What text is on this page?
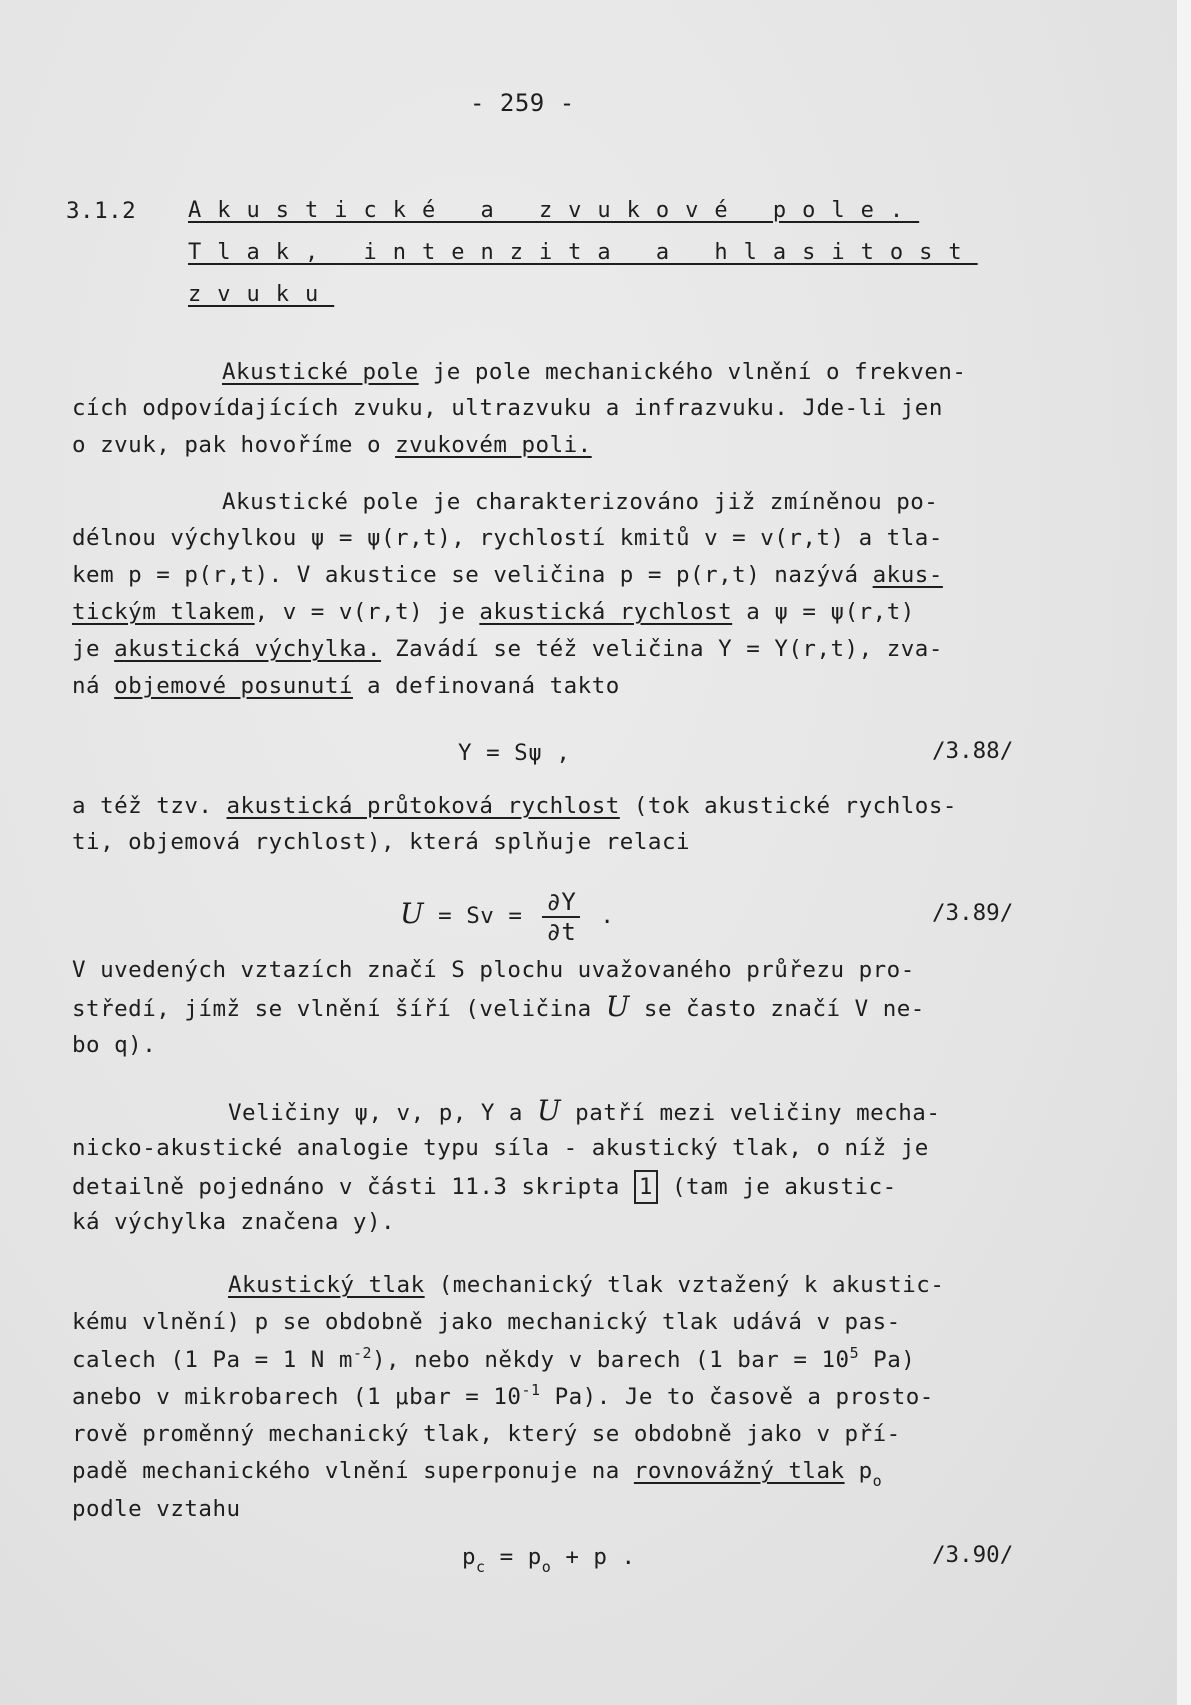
- 259 -
3.1.2 Akustické a zvukové pole.
Tlak, intenzita a hlasitost
zvuku
Akustické pole je pole mechanického vlnění o frekven-
cích odpovídajících zvuku, ultrazvuku a infrazvuku. Jde-li jen
o zvuk, pak hovoříme o zvukovém poli.
Akustické pole je charakterizováno již zmíněnou po-
délnou výchylkou ψ = ψ(r,t), rychlostí kmitů v = v(r,t) a tla-
kem p = p(r,t). V akustice se veličina p = p(r,t) nazývá akus-
tickým tlakem, v = v(r,t) je akustická rychlost a ψ = ψ(r,t)
je akustická výchylka. Zavádí se též veličina Y = Y(r,t), zva-
ná objemové posunutí a definovaná takto
Y = Sψ ,	/3.88/
a též tzv. akustická průtoková rychlost (tok akustické rychlos-
ti, objemová rychlost), která splňuje relaci
$U = Sv = \frac{\partial Y}{\partial t}$ .	/3.89/
V uvedených vztazích značí S plochu uvažovaného průřezu pro-
středí, jímž se vlnění šíří (veličina U se často značí V ne-
bo q).
Veličiny ψ, v, p, Y a U patří mezi veličiny mecha-
nicko-akustické analogie typu síla - akustický tlak, o níž je
detailně pojednáno v části 11.3 skripta 1 (tam je akustic-
ká výchylka značena y).
Akustický tlak (mechanický tlak vztažený k akustic-
kému vlnění) p se obdobně jako mechanický tlak udává v pas-
calech (1 Pa = 1 N $m^{-2}$), nebo někdy v barech (1 bar = $10^5$ Pa)
anebo v mikrobarech (1 $\mu bar = 10^{-1}$ Pa). Je to časově a prosto-
rově proměnný mechanický tlak, který se obdobně jako v pří-
padě mechanického vlnění superponuje na rovnovážný tlak $p_o$
podle vztahu
$p_c = p_o + p$ .	/3.90/
